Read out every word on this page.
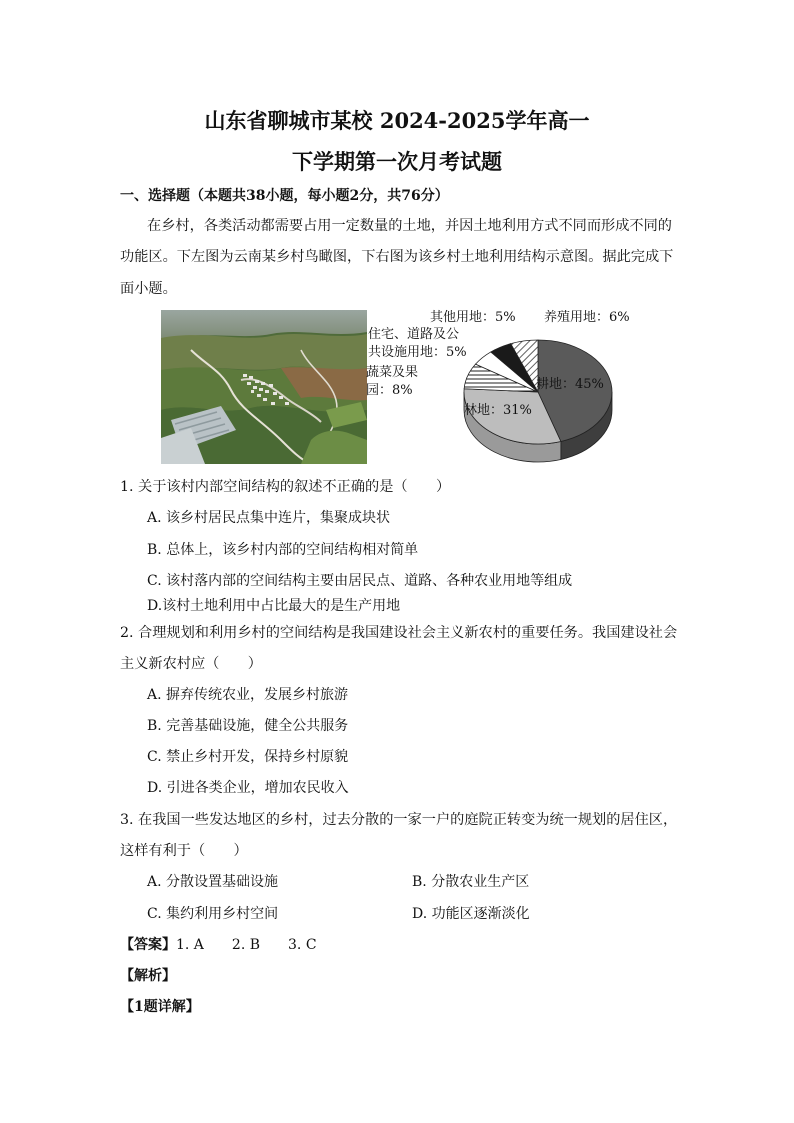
山东省聊城市某校 2024-2025学年高一
下学期第一次月考试题
一、选择题（本题共38小题，每小题2分，共76分）
在乡村，各类活动都需要占用一定数量的土地，并因土地利用方式不同而形成不同的
功能区。下左图为云南某乡村鸟瞰图，下右图为该乡村土地利用结构示意图。据此完成下
面小题。
耕地：45%
林地：31%
蔬菜及果
园：8%
住宅、道路及公
共设施用地：5%
其他用地：5% 养殖用地：6%
1. 关于该村内部空间结构的叙述不正确的是（　　）
A. 该乡村居民点集中连片，集聚成块状
B. 总体上，该乡村内部的空间结构相对简单
C. 该村落内部的空间结构主要由居民点、道路、各种农业用地等组成
D.该村土地利用中占比最大的是生产用地
2. 合理规划和利用乡村的空间结构是我国建设社会主义新农村的重要任务。我国建设社会
主义新农村应（　　）
A. 摒弃传统农业，发展乡村旅游
B. 完善基础设施，健全公共服务
C. 禁止乡村开发，保持乡村原貌
D. 引进各类企业，增加农民收入
3. 在我国一些发达地区的乡村，过去分散的一家一户的庭院正转变为统一规划的居住区，
这样有利于（　　）
A. 分散设置基础设施	B. 分散农业生产区
C. 集约利用乡村空间	D. 功能区逐渐淡化
【答案】1. A　　2. B　　3. C
【解析】
【1题详解】
